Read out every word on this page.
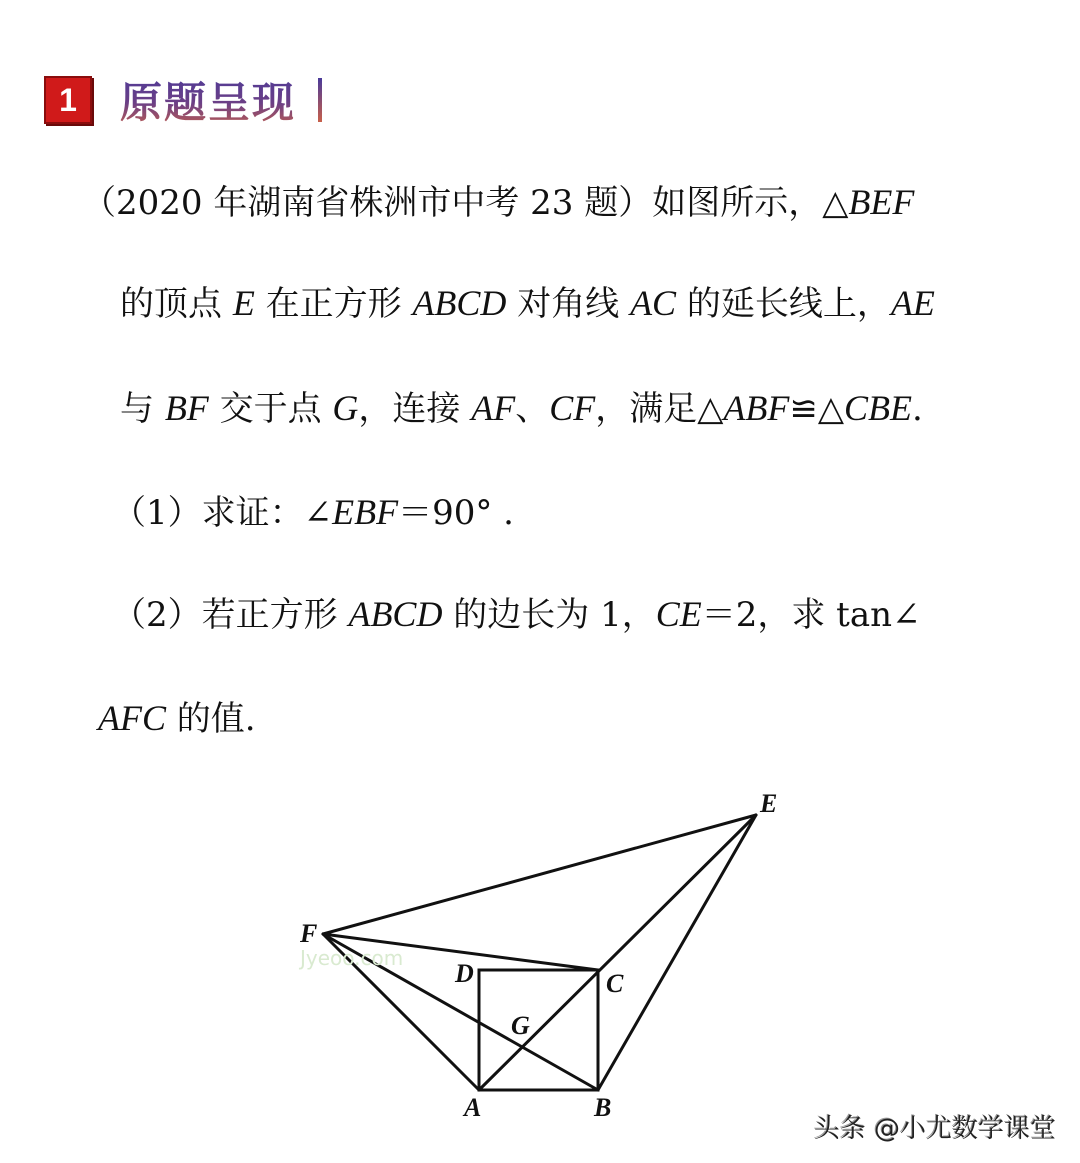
1	原题呈现
（2020 年湖南省株洲市中考 23 题）如图所示，△BEF
的顶点 E 在正方形 ABCD 对角线 AC 的延长线上，AE
与 BF 交于点 G，连接 AF、CF，满足△ABF≌△CBE.
（1）求证：∠EBF＝90° .
（2）若正方形 ABCD 的边长为 1，CE＝2，求 tan∠
AFC 的值.
Jyeoo.com
E
F
D	C
G
A	B
头条 @小尤数学课堂
